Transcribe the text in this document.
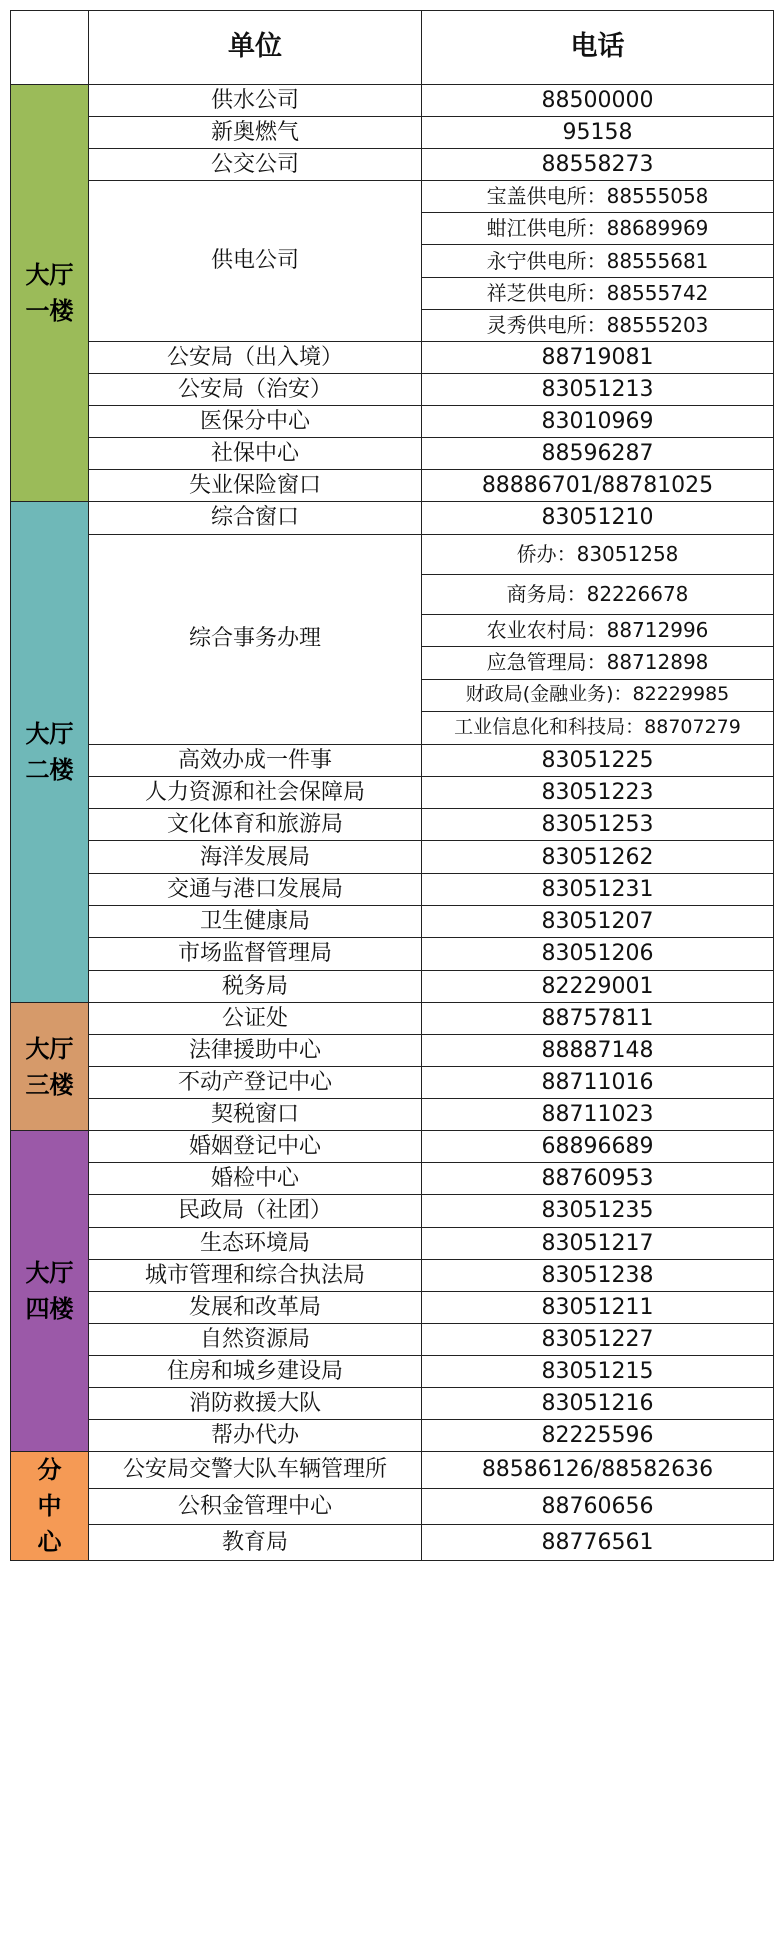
	单位	电话
大厅
一楼	供水公司	88500000
	新奥燃气	95158
	公交公司	88558273
	供电公司	宝盖供电所：88555058
		蚶江供电所：88689969
		永宁供电所：88555681
		祥芝供电所：88555742
		灵秀供电所：88555203
	公安局（出入境）	88719081
	公安局（治安）	83051213
	医保分中心	83010969
	社保中心	88596287
	失业保险窗口	88886701/88781025
大厅
二楼	综合窗口	83051210
	综合事务办理	侨办：83051258
		商务局：82226678
		农业农村局：88712996
		应急管理局：88712898
		财政局(金融业务)：82229985
		工业信息化和科技局：88707279
	高效办成一件事	83051225
	人力资源和社会保障局	83051223
	文化体育和旅游局	83051253
	海洋发展局	83051262
	交通与港口发展局	83051231
	卫生健康局	83051207
	市场监督管理局	83051206
	税务局	82229001
大厅
三楼	公证处	88757811
	法律援助中心	88887148
	不动产登记中心	88711016
	契税窗口	88711023
大厅
四楼	婚姻登记中心	68896689
	婚检中心	88760953
	民政局（社团）	83051235
	生态环境局	83051217
	城市管理和综合执法局	83051238
	发展和改革局	83051211
	自然资源局	83051227
	住房和城乡建设局	83051215
	消防救援大队	83051216
	帮办代办	82225596
分
中
心	公安局交警大队车辆管理所	88586126/88582636
	公积金管理中心	88760656
	教育局	88776561
